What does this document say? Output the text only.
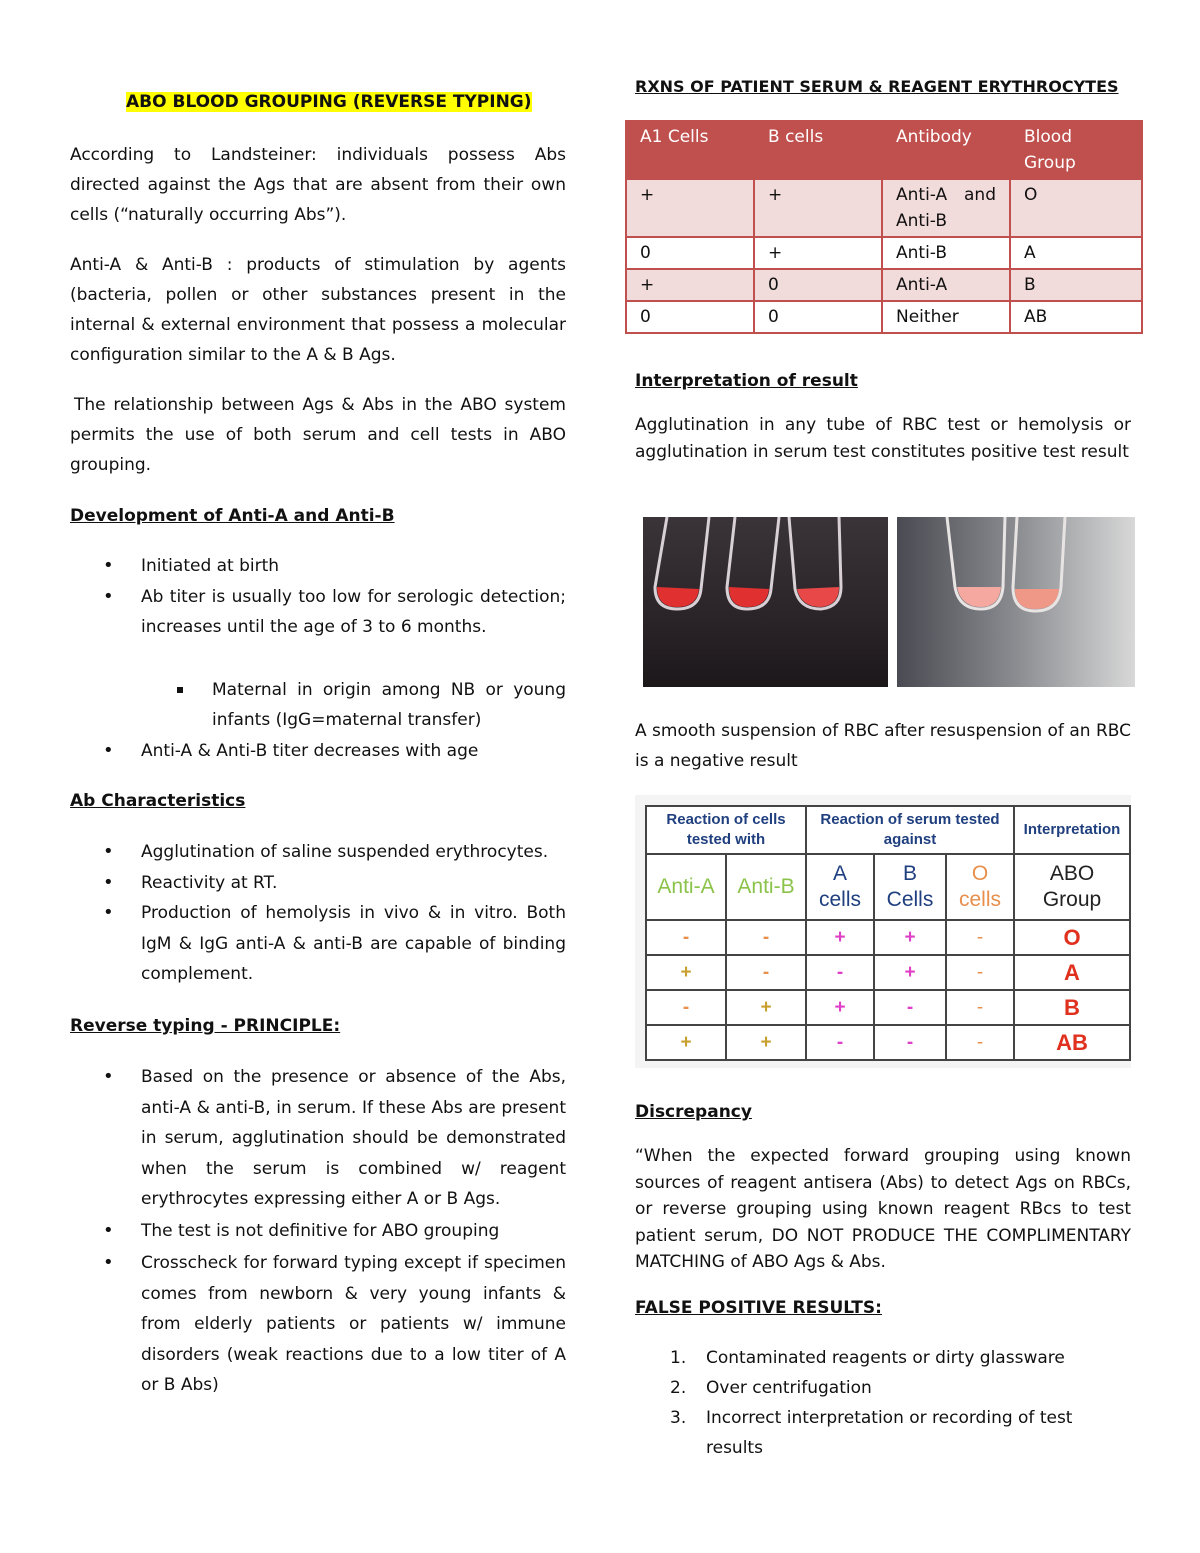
ABO BLOOD GROUPING (REVERSE TYPING)

According to Landsteiner: individuals possess Abs directed against the Ags that are absent from their own cells (“naturally occurring Abs”).

Anti-A & Anti-B : products of stimulation by agents (bacteria, pollen or other substances present in the internal & external environment that possess a molecular configuration similar to the A & B Ags.

The relationship between Ags & Abs in the ABO system permits the use of both serum and cell tests in ABO grouping.

Development of Anti-A and Anti-B
• Initiated at birth
• Ab titer is usually too low for serologic detection; increases until the age of 3 to 6 months.
Maternal in origin among NB or young infants (IgG=maternal transfer)
• Anti-A & Anti-B titer decreases with age
Ab Characteristics
• Agglutination of saline suspended erythrocytes.
• Reactivity at RT.
• Production of hemolysis in vivo & in vitro. Both IgM & IgG anti-A & anti-B are capable of binding complement.
Reverse typing - PRINCIPLE:
• Based on the presence or absence of the Abs, anti-A & anti-B, in serum. If these Abs are present in serum, agglutination should be demonstrated when the serum is combined w/ reagent erythrocytes expressing either A or B Ags.
• The test is not definitive for ABO grouping
• Crosscheck for forward typing except if specimen comes from newborn & very young infants & from elderly patients or patients w/ immune disorders (weak reactions due to a low titer of A or B Abs)
RXNS OF PATIENT SERUM & REAGENT ERYTHROCYTES
A1 Cells	B cells	Antibody	Blood Group
+	+	Anti-A and Anti-B	O
0	+	Anti-B	A
+	0	Anti-A	B
0	0	Neither	AB
Interpretation of result

Agglutination in any tube of RBC test or hemolysis or agglutination in serum test constitutes positive test result

A smooth suspension of RBC after resuspension of an RBC is a negative result

Reaction of cells tested with		Reaction of serum tested against			Interpretation
Anti-A	Anti-B	A cells	B Cells	O cells	ABO Group
-	-	+	+	-	O
+	-	-	+	-	A
-	+	+	-	-	B
+	+	-	-	-	AB
Discrepancy

“When the expected forward grouping using known sources of reagent antisera (Abs) to detect Ags on RBCs, or reverse grouping using known reagent RBcs to test patient serum, DO NOT PRODUCE THE COMPLIMENTARY MATCHING of ABO Ags & Abs.

FALSE POSITIVE RESULTS:
1. Contaminated reagents or dirty glassware
2. Over centrifugation
3. Incorrect interpretation or recording of test results
